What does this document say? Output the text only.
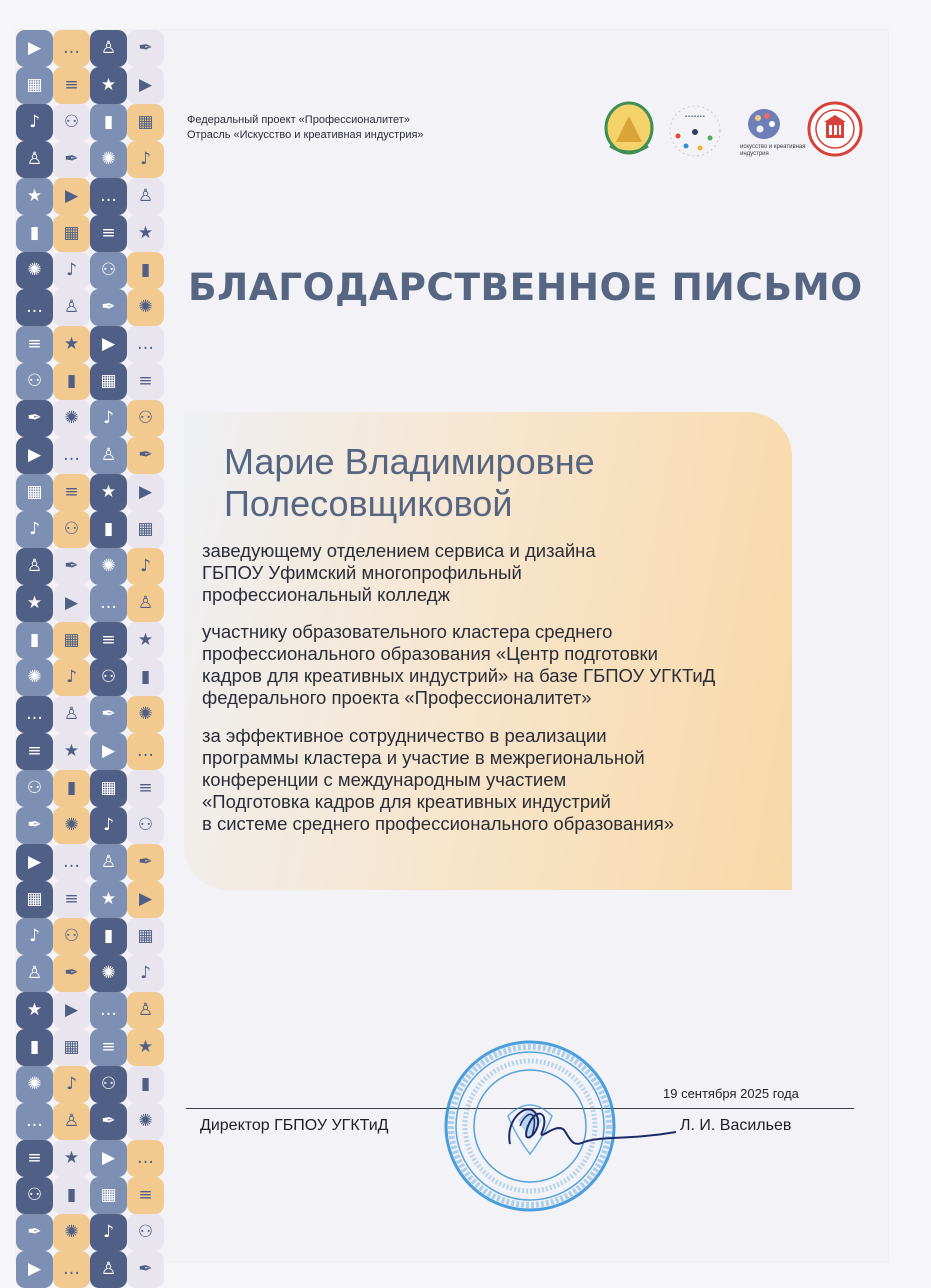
▶	…	♙	✒
▦	≡	★	▶
♪	⚇	▮	▦
♙	✒	✺	♪
★	▶	…	♙
▮	▦	≡	★
✺	♪	⚇	▮
…	♙	✒	✺
≡	★	▶	…
⚇	▮	▦	≡
✒	✺	♪	⚇
▶	…	♙	✒
▦	≡	★	▶
♪	⚇	▮	▦
♙	✒	✺	♪
★	▶	…	♙
▮	▦	≡	★
✺	♪	⚇	▮
…	♙	✒	✺
≡	★	▶	…
⚇	▮	▦	≡
✒	✺	♪	⚇
▶	…	♙	✒
▦	≡	★	▶
♪	⚇	▮	▦
♙	✒	✺	♪
★	▶	…	♙
▮	▦	≡	★
✺	♪	⚇	▮
…	♙	✒	✺
≡	★	▶	…
⚇	▮	▦	≡
✒	✺	♪	⚇
▶	…	♙	✒
Федеральный проект «Профессионалитет»
Отрасль «Искусство и креативная индустрия»
•••••••
искусство и креативная индустрия
БЛАГОДАРСТВЕННОЕ ПИСЬМО
Марие Владимировне
Полесовщиковой
заведующему отделением сервиса и дизайна
ГБПОУ Уфимский многопрофильный
профессиональный колледж
участнику образовательного кластера среднего
профессионального образования «Центр подготовки
кадров для креативных индустрий» на базе ГБПОУ УГКТиД
федерального проекта «Профессионалитет»
за эффективное сотрудничество в реализации
программы кластера и участие в межрегиональной
конференции с международным участием
«Подготовка кадров для креативных индустрий
в системе среднего профессионального образования»
19 сентября 2025 года
Директор ГБПОУ УГКТиД	Л. И. Васильев
